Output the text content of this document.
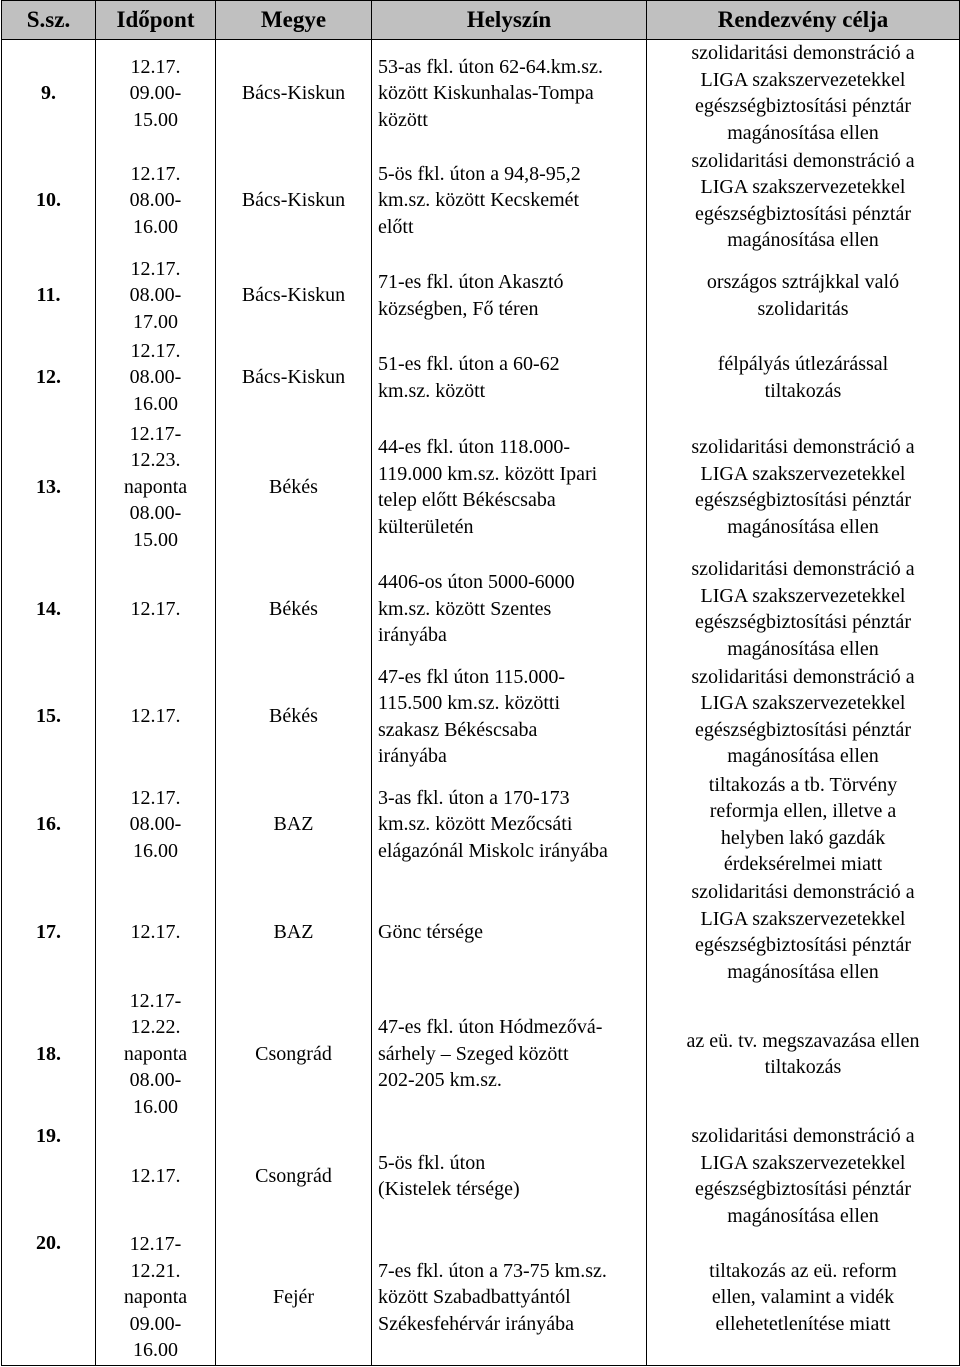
S.sz.	Időpont	Megye	Helyszín	Rendezvény célja

9.	12.17.
09.00-
15.00	Bács-Kiskun	53-as fkl. úton 62-64.km.sz.
között Kiskunhalas-Tompa
között	szolidaritási demonstráció a
LIGA szakszervezetekkel
egészségbiztosítási pénztár
magánosítása ellen

10.	12.17.
08.00-
16.00	Bács-Kiskun	5-ös fkl. úton a 94,8-95,2
km.sz. között Kecskemét
előtt	szolidaritási demonstráció a
LIGA szakszervezetekkel
egészségbiztosítási pénztár
magánosítása ellen

11.	12.17.
08.00-
17.00	Bács-Kiskun	71-es fkl. úton Akasztó
községben, Fő téren	országos sztrájkkal való
szolidaritás

12.	12.17.
08.00-
16.00	Bács-Kiskun	51-es fkl. úton a 60-62
km.sz. között	félpályás útlezárással
tiltakozás

13.	12.17-
12.23.
naponta
08.00-
15.00	Békés	44-es fkl. úton 118.000-
119.000 km.sz. között Ipari
telep előtt Békéscsaba
külterületén	szolidaritási demonstráció a
LIGA szakszervezetekkel
egészségbiztosítási pénztár
magánosítása ellen

14.	12.17.	Békés	4406-os úton 5000-6000
km.sz. között Szentes
irányába	szolidaritási demonstráció a
LIGA szakszervezetekkel
egészségbiztosítási pénztár
magánosítása ellen

15.	12.17.	Békés	47-es fkl úton 115.000-
115.500 km.sz. közötti
szakasz Békéscsaba
irányába	szolidaritási demonstráció a
LIGA szakszervezetekkel
egészségbiztosítási pénztár
magánosítása ellen

16.	12.17.
08.00-
16.00	BAZ	3-as fkl. úton a 170-173
km.sz. között Mezőcsáti
elágazónál Miskolc irányába	tiltakozás a tb. Törvény
reformja ellen, illetve a
helyben lakó gazdák
érdeksérelmei miatt

17.	12.17.	BAZ	Gönc térsége	szolidaritási demonstráció a
LIGA szakszervezetekkel
egészségbiztosítási pénztár
magánosítása ellen

18.	12.17-
12.22.
naponta
08.00-
16.00	Csongrád	47-es fkl. úton Hódmezővá-
sárhely – Szeged között
202-205 km.sz.	az eü. tv. megszavazása ellen
tiltakozás

19.	12.17.	Csongrád	5-ös fkl. úton
(Kistelek térsége)	szolidaritási demonstráció a
LIGA szakszervezetekkel
egészségbiztosítási pénztár
magánosítása ellen

20.	12.17-
12.21.
naponta
09.00-
16.00	Fejér	7-es fkl. úton a 73-75 km.sz.
között Szabadbattyántól
Székesfehérvár irányába	tiltakozás az eü. reform
ellen, valamint a vidék
ellehetetlenítése miatt
